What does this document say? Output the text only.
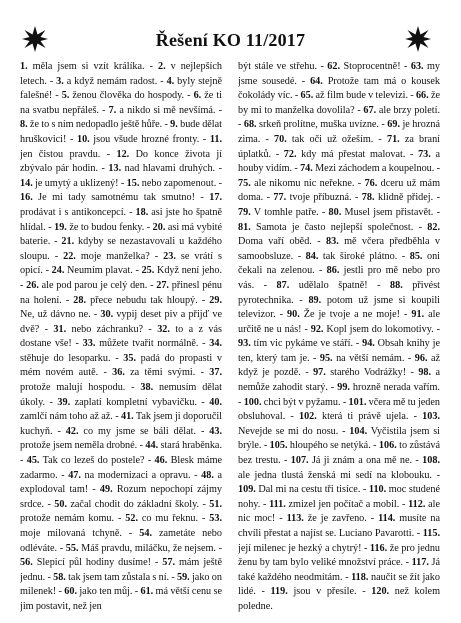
Řešení KO 11/2017
1. měla jsem si vzít králíka. - 2. v nejlepších letech. - 3. a když nemám radost. - 4. byly stejně falešné! - 5. ženou člověka do hospody. - 6. že ti na svatbu nepřáleš. - 7. a nikdo si mě nevšímá. - 8. že to s ním nedopadlo ještě hůře. - 9. bude dělat hruškovici! - 10. jsou všude hrozné fronty. - 11. jen čistou pravdu. - 12. Do konce života jí zbývalo pár hodin. - 13. nad hlavami druhých. - 14. je umytý a uklizený! - 15. nebo zapomenout. - 16. Je mi tady samotnému tak smutno! - 17. prodávat i s antikoncepcí. - 18. asi jste ho špatně hlídal. - 19. že to budou fenky. - 20. asi má vybité baterie. - 21. kdyby se nezastavovali u každého sloupu. - 22. moje manželka? - 23. se vrátí s opicí. - 24. Neumím plavat. - 25. Když není jeho. - 26. ale pod parou je celý den. - 27. přinesl pénu na holení. - 28. přece nebudu tak hloupý. - 29. Ne, už dávno ne. - 30. vypij deset piv a přijď ve dvě? - 31. nebo záchranku? - 32. to a z vás dostane vše! - 33. můžete tvařit normálně. - 34. stěhuje do lesoparku. - 35. padá do propasti v mém novém autě. - 36. za těmi svými. - 37. protože malují hospodu. - 38. nemusím dělat úkoly. - 39. zaplatí kompletní vybavičku. - 40. zamlčí nám toho až až. - 41. Tak jsem ji doporučil kuchyň. - 42. co my jsme se báli dělat. - 43. protože jsem neměla drobné. - 44. stará hraběnka. - 45. Tak co lezeš do postele? - 46. Blesk máme zadarmo. - 47. na modernizaci a opravu. - 48. a explodoval tam! - 49. Rozum nepochopí zájmy srdce. - 50. začal chodit do základní školy. - 51. protože nemám komu. - 52. co mu řeknu. - 53. moje milovaná tchyně. - 54. zametáte nebo odléváte. - 55. Máš pravdu, miláčku, že nejsem. - 56. Slepicí půl hodiny dusíme! - 57. mám ještě jednu. - 58. tak jsem tam zůstala s ní. - 59. jako on milenek! - 60. jako ten můj. - 61. má větší cenu se jim postavit, než jen
být stále ve střehu. - 62. Stoprocentně! - 63. my jsme sousedé. - 64. Protože tam má o kousek čokolády víc. - 65. až film bude v televizi. - 66. že by mi to manželka dovolila? - 67. ale brzy poletí. - 68. srkeň prolítne, muška uvízne. - 69. je hrozná zima. - 70. tak oči už ožeším. - 71. za braní úplatků. - 72. kdy má přestat malovat. - 73. a houby vidím. - 74. Mezi záchodem a koupelnou. - 75. ale nikomu nic neřekne. - 76. dceru už mám doma. - 77. tvoje příbuzná. - 78. klidně přidej. - 79. V tomhle patře. - 80. Musel jsem přistavět. - 81. Samota je často nejlepší společnost. - 82. Doma vaří oběd. - 83. mě včera předběhla v samoobsluze. - 84. tak široké plátno. - 85. oni čekali na zelenou. - 86. jestli pro mě nebo pro vás. - 87. udělalo špatně! - 88. přivést pyrotechnika. - 89. potom už jsme si koupili televizor. - 90. Že je tvoje a ne moje! - 91. ale určitě ne u nás! - 92. Kopl jsem do lokomotivy. - 93. tím vic pykáme ve stáří. - 94. Obsah knihy je ten, který tam je. - 95. na větší nemám. - 96. až když je pozdě. - 97. starého Vodrážky! - 98. a nemůže zahodit starý. - 99. hrozně nerada vařím. - 100. chci být v pyžamu. - 101. včera mě tu jeden obsluhoval. - 102. která ti právě ujela. - 103. Nevejde se mi do nosu. - 104. Vyčistila jsem si brýle. - 105. hloupého se netýká. - 106. to zůstává bez trestu. - 107. Já ji znám a ona mě ne. - 108. ale jedna tlustá ženská mi sedí na klobouku. - 109. Dal mi na cestu tři tisíce. - 110. moc studené nohy. - 111. zmizel jen počítač a mobil. - 112. ale nic moc! - 113. že je zavřeno. - 114. musíte na chvíli přestat a najíst se. Luciano Pavarotti. - 115. její milenec je hezký a chytrý! - 116. že pro jednu ženu by tam bylo veliké množství práce. - 117. Já také každého neodmítám. - 118. naučit se žít jako lidé. - 119. jsou v přesile. - 120. než kolem poledne.
